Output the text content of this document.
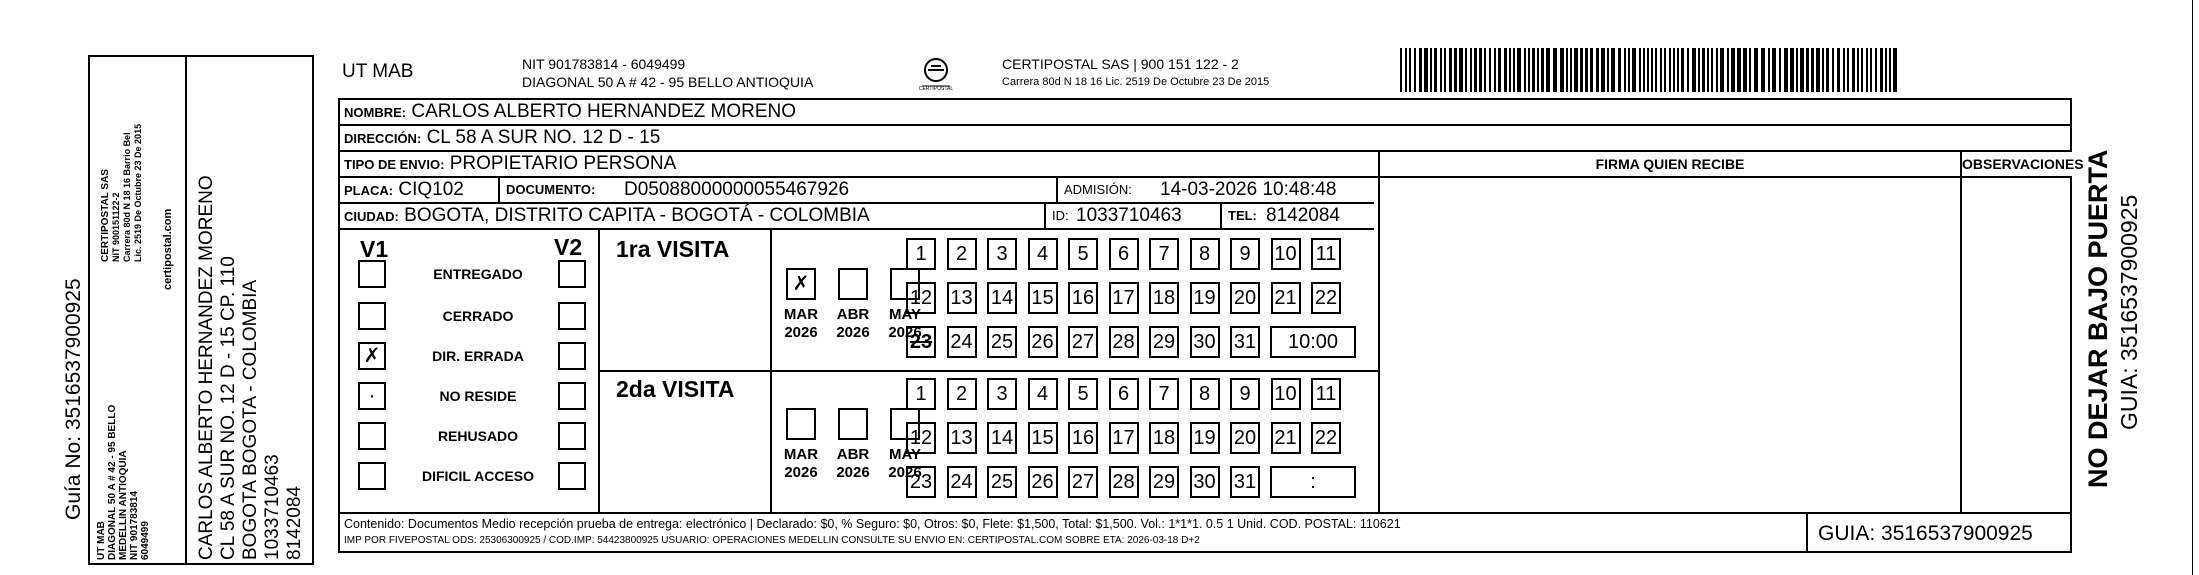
Guía No: 3516537900925
UT MAB DIAGONAL 50 A # 42 - 95 BELLO MEDELLIN ANTIOQUIA NIT 901783814 6049499
CERTIPOSTAL SAS NIT 900151122-2 Carrera 80d N 18 16 Barrio Bel Lic. 2519 De Octubre 23 De 2015 certipostal.com CARLOS ALBERTO HERNANDEZ MORENO CL 58 A SUR NO. 12 D - 15 CP. 110 BOGOTA BOGOTA - COLOMBIA 1033710463 8142084
UT MAB	NIT 901783814 - 6049499
DIAGONAL 50 A # 42 - 95 BELLO ANTIOQUIA	CERTIPOSTAL
CERTIPOSTAL SAS | 900 151 122 - 2
Carrera 80d N 18 16 Lic. 2519 De Octubre 23 De 2015
NOMBRE: CARLOS ALBERTO HERNANDEZ MORENO
DIRECCIÓN: CL 58 A SUR NO. 12 D - 15
TIPO DE ENVIO: PROPIETARIO PERSONA	FIRMA QUIEN RECIBE	OBSERVACIONES
PLACA: CIQ102	DOCUMENTO: D05088000000055467926	ADMISIÓN: 14-03-2026 10:48:48
CIUDAD: BOGOTA, DISTRITO CAPITA - BOGOTÁ - COLOMBIA	ID: 1033710463	TEL: 8142084
V1	V2
ENTREGADO
CERRADO
✗	DIR. ERRADA
·	NO RESIDE
REHUSADO
DIFICIL ACCESO
1ra VISITA
2da VISITA
✗
MAR
2026
ABR
2026
MAY
2026
MAR
2026
ABR
2026
MAY
2026
1	2	3	4	5	6	7	8	9	10 11
12 13 14 15 16 17 18 19 20 21 22
23 24 25 26 27 28 29 30 31	10:00
1	2	3	4	5	6	7	8	9	10 11
12 13 14 15 16 17 18 19 20 21 22
23 24 25 26 27 28 29 30 31	:
Contenido: Documentos Medio recepción prueba de entrega: electrónico | Declarado: $0, % Seguro: $0, Otros: $0, Flete: $1,500, Total: $1,500. Vol.: 1*1*1. 0.5 1 Unid. COD. POSTAL: 110621
IMP POR FIVEPOSTAL ODS: 25306300925 / COD.IMP: 54423800925 USUARIO: OPERACIONES MEDELLIN CONSULTE SU ENVIO EN: CERTIPOSTAL.COM SOBRE ETA: 2026-03-18 D+2	GUIA: 3516537900925
NO DEJAR BAJO PUERTA GUIA: 3516537900925
